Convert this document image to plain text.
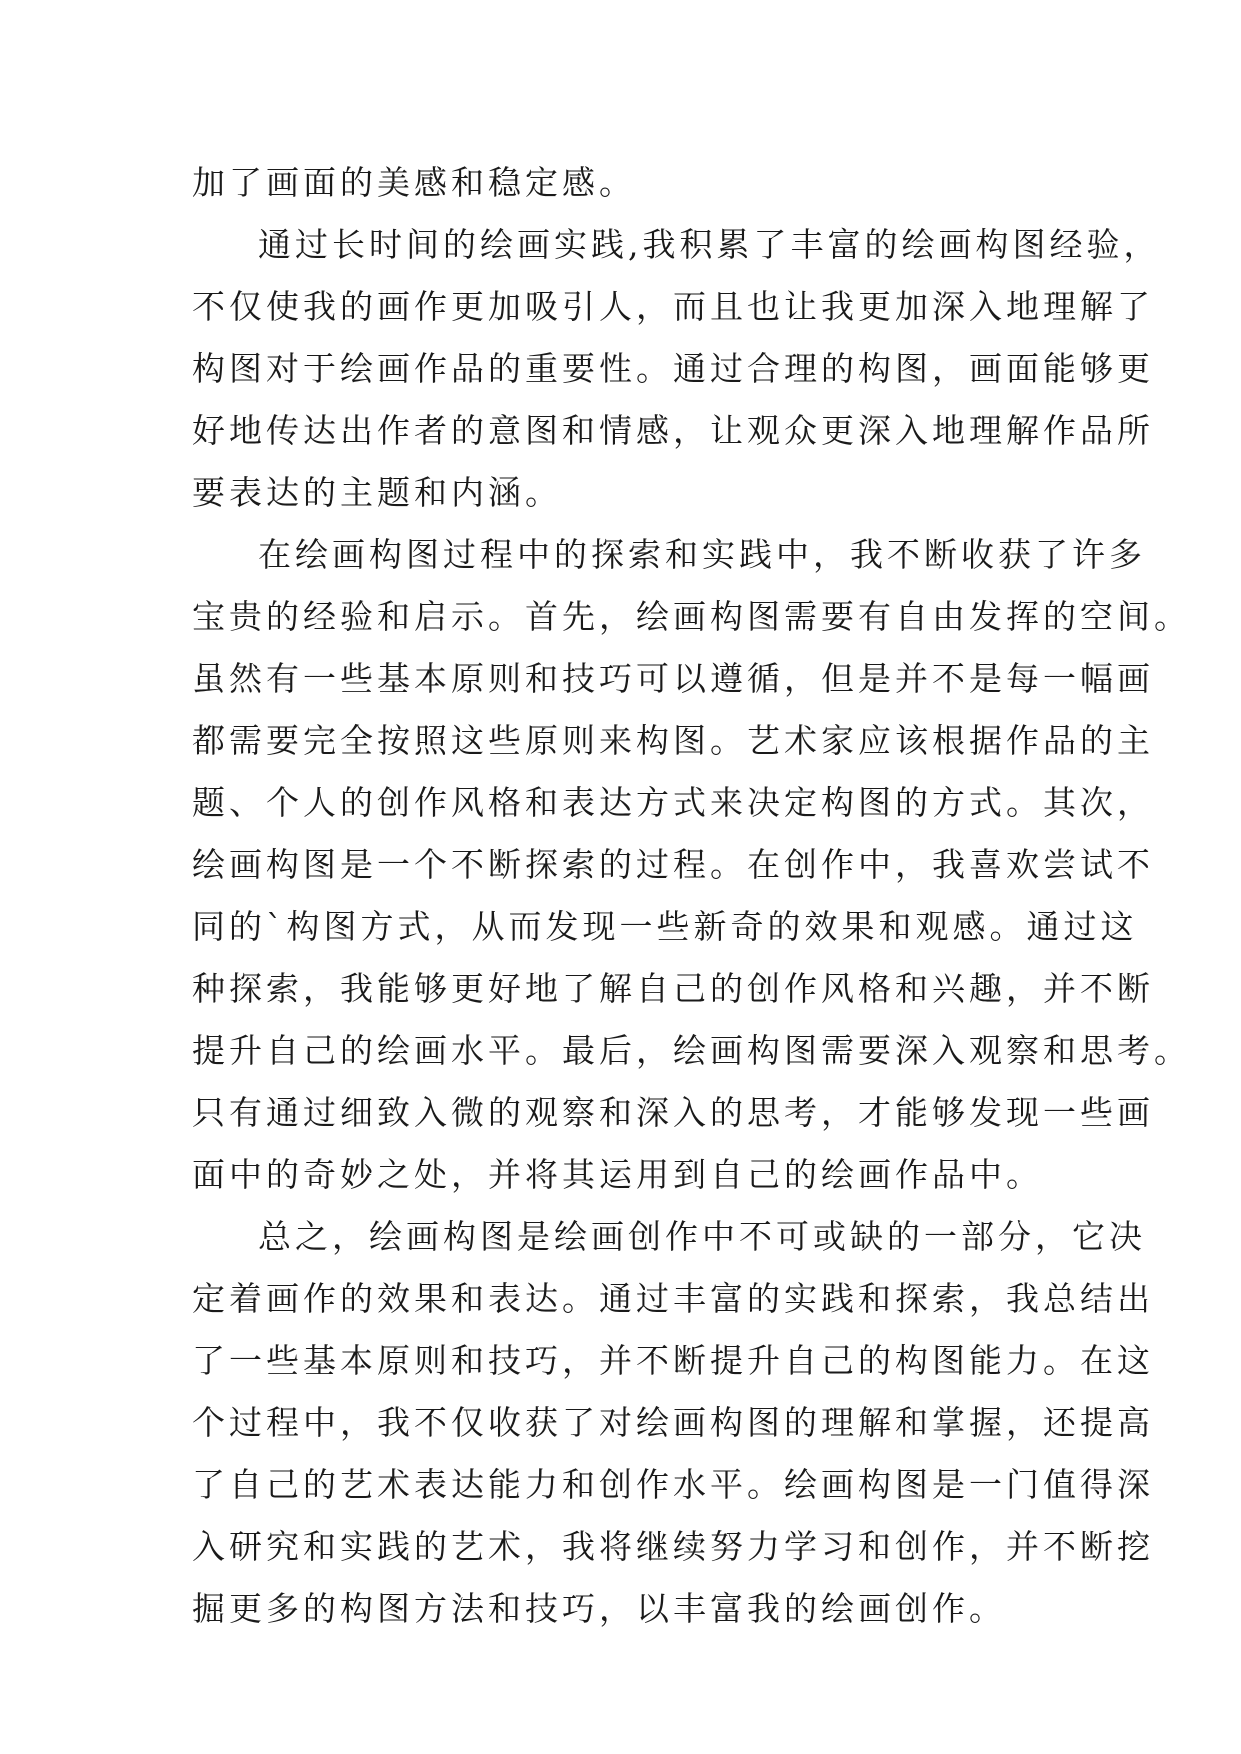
加了画面的美感和稳定感。
通过长时间的绘画实践,我积累了丰富的绘画构图经验，
不仅使我的画作更加吸引人，而且也让我更加深入地理解了
构图对于绘画作品的重要性。通过合理的构图，画面能够更
好地传达出作者的意图和情感，让观众更深入地理解作品所
要表达的主题和内涵。
在绘画构图过程中的探索和实践中，我不断收获了许多
宝贵的经验和启示。首先，绘画构图需要有自由发挥的空间。
虽然有一些基本原则和技巧可以遵循，但是并不是每一幅画
都需要完全按照这些原则来构图。艺术家应该根据作品的主
题、个人的创作风格和表达方式来决定构图的方式。其次，
绘画构图是一个不断探索的过程。在创作中，我喜欢尝试不
同的`构图方式，从而发现一些新奇的效果和观感。通过这
种探索，我能够更好地了解自己的创作风格和兴趣，并不断
提升自己的绘画水平。最后，绘画构图需要深入观察和思考。
只有通过细致入微的观察和深入的思考，才能够发现一些画
面中的奇妙之处，并将其运用到自己的绘画作品中。
总之，绘画构图是绘画创作中不可或缺的一部分，它决
定着画作的效果和表达。通过丰富的实践和探索，我总结出
了一些基本原则和技巧，并不断提升自己的构图能力。在这
个过程中，我不仅收获了对绘画构图的理解和掌握，还提高
了自己的艺术表达能力和创作水平。绘画构图是一门值得深
入研究和实践的艺术，我将继续努力学习和创作，并不断挖
掘更多的构图方法和技巧，以丰富我的绘画创作。
